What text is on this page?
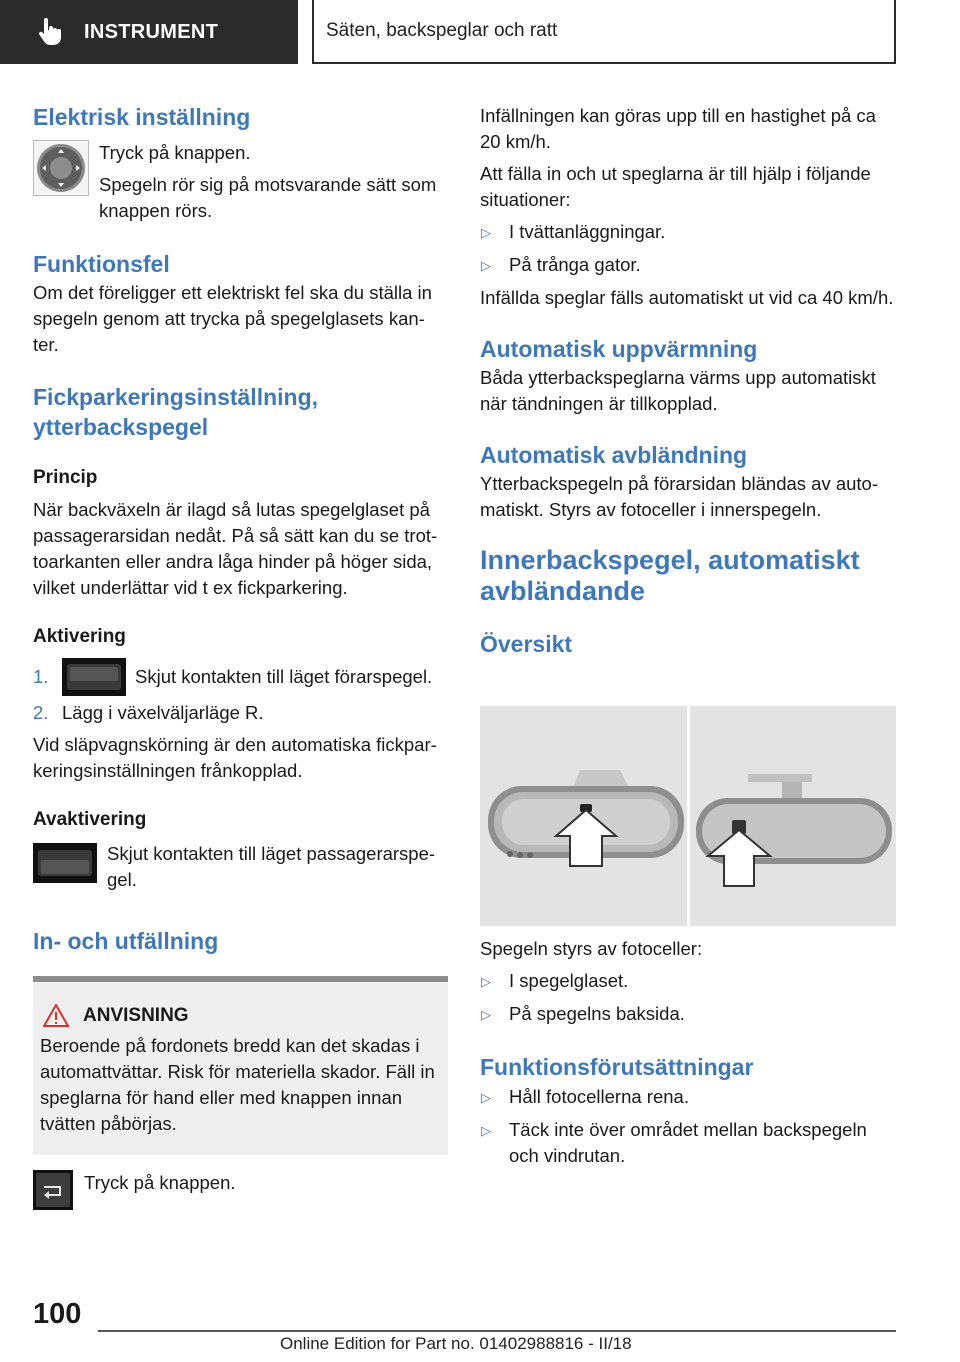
INSTRUMENT	Säten, backspeglar och ratt
Elektrisk inställning

Tryck på knappen.

Spegeln rör sig på motsvarande sätt som knappen rörs.

Funktionsfel

Om det föreligger ett elektriskt fel ska du ställa in spegeln genom att trycka på spegelglasets kan-ter.

Fickparkeringsinställning,
ytterbackspegel
Princip

När backväxeln är ilagd så lutas spegelglaset på passagerarsidan nedåt. På så sätt kan du se trot-toarkanten eller andra låga hinder på höger sida, vilket underlättar vid t ex fickparkering.

Aktivering
1.	Skjut kontakten till läget förarspegel.
2. Lägg i växelväljarläge R.

Vid släpvagnskörning är den automatiska fickpar-keringsinställningen frånkopplad.

Avaktivering

Skjut kontakten till läget passagerarspe-gel.

In- och utfällning
ANVISNING

Beroende på fordonets bredd kan det skadas i automattvättar. Risk för materiella skador. Fäll in speglarna för hand eller med knappen innan tvätten påbörjas.

Tryck på knappen.

Infällningen kan göras upp till en hastighet på ca 20 km/h.

Att fälla in och ut speglarna är till hjälp i följande situationer:

▷ I tvättanläggningar.
▷ På trånga gator.

Infällda speglar fälls automatiskt ut vid ca 40 km/h.

Automatisk uppvärmning

Båda ytterbackspeglarna värms upp automatiskt när tändningen är tillkopplad.

Automatisk avbländning

Ytterbackspegeln på förarsidan bländas av auto-matiskt. Styrs av fotoceller i innerspegeln.

Innerbackspegel, automatiskt
avbländande
Översikt

Spegeln styrs av fotoceller:

▷ I spegelglaset.
▷ På spegelns baksida.
Funktionsförutsättningar
▷ Håll fotocellerna rena.
▷ Täck inte över området mellan backspegeln och vindrutan.
100
Online Edition for Part no. 01402988816 - II/18
